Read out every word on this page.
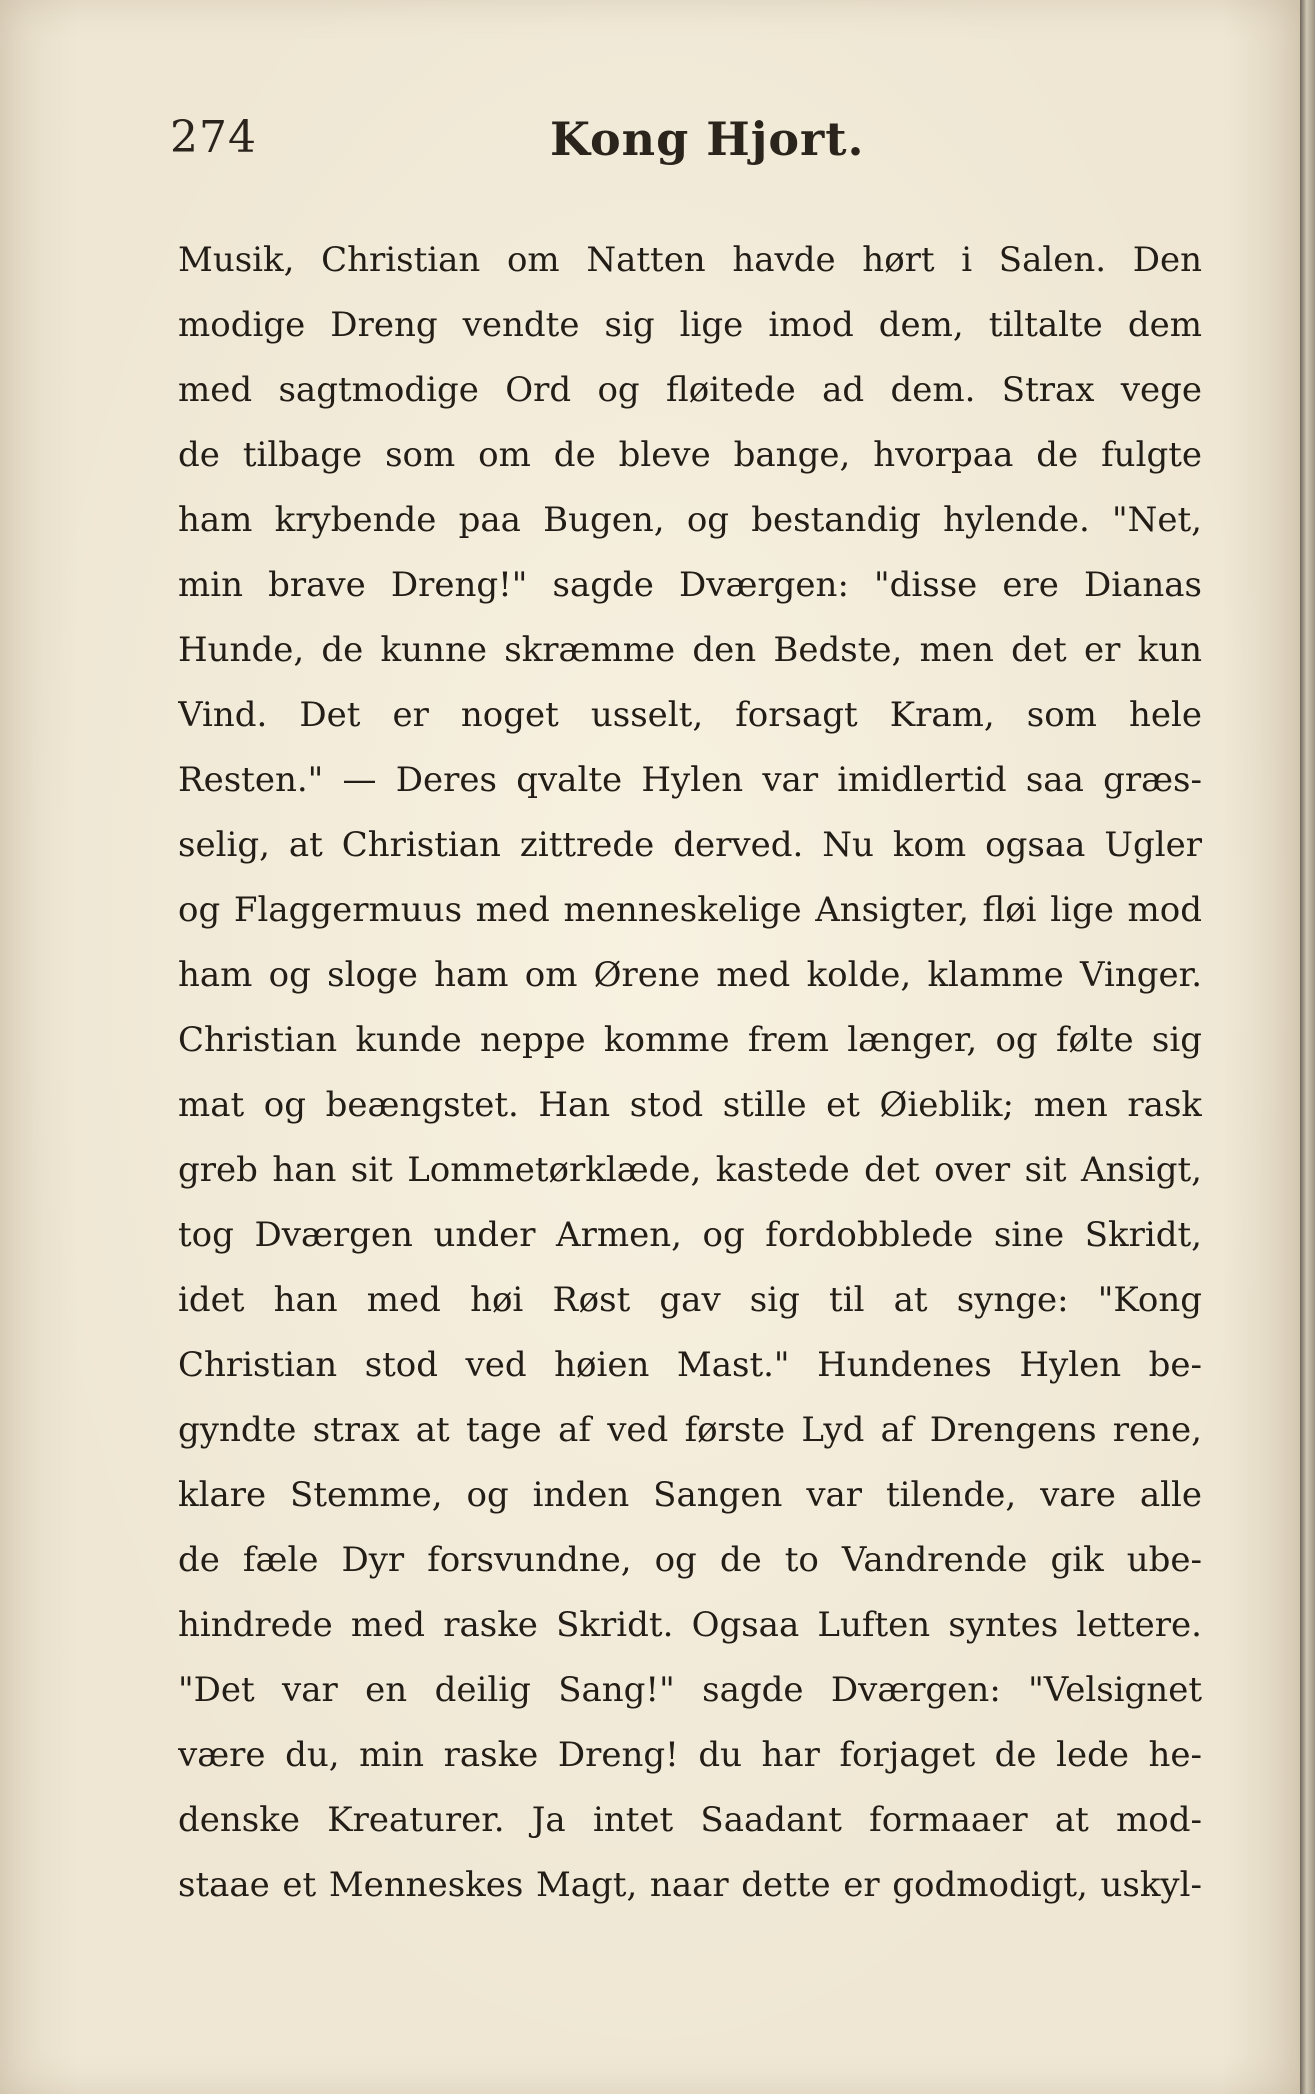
274	Kong Hjort.
Musik, Christian om Natten havde hørt i Salen. Den
modige Dreng vendte sig lige imod dem, tiltalte dem
med sagtmodige Ord og fløitede ad dem. Strax vege
de tilbage som om de bleve bange, hvorpaa de fulgte
ham krybende paa Bugen, og bestandig hylende. "Net,
min brave Dreng!" sagde Dværgen: "disse ere Dianas
Hunde, de kunne skræmme den Bedste, men det er kun
Vind. Det er noget usselt, forsagt Kram, som hele
Resten." — Deres qvalte Hylen var imidlertid saa græs-
selig, at Christian zittrede derved. Nu kom ogsaa Ugler
og Flaggermuus med menneskelige Ansigter, fløi lige mod
ham og sloge ham om Ørene med kolde, klamme Vinger.
Christian kunde neppe komme frem længer, og følte sig
mat og beængstet. Han stod stille et Øieblik; men rask
greb han sit Lommetørklæde, kastede det over sit Ansigt,
tog Dværgen under Armen, og fordobblede sine Skridt,
idet han med høi Røst gav sig til at synge: "Kong
Christian stod ved høien Mast." Hundenes Hylen be-
gyndte strax at tage af ved første Lyd af Drengens rene,
klare Stemme, og inden Sangen var tilende, vare alle
de fæle Dyr forsvundne, og de to Vandrende gik ube-
hindrede med raske Skridt. Ogsaa Luften syntes lettere.
"Det var en deilig Sang!" sagde Dværgen: "Velsignet
være du, min raske Dreng! du har forjaget de lede he-
denske Kreaturer. Ja intet Saadant formaaer at mod-
staae et Menneskes Magt, naar dette er godmodigt, uskyl-
